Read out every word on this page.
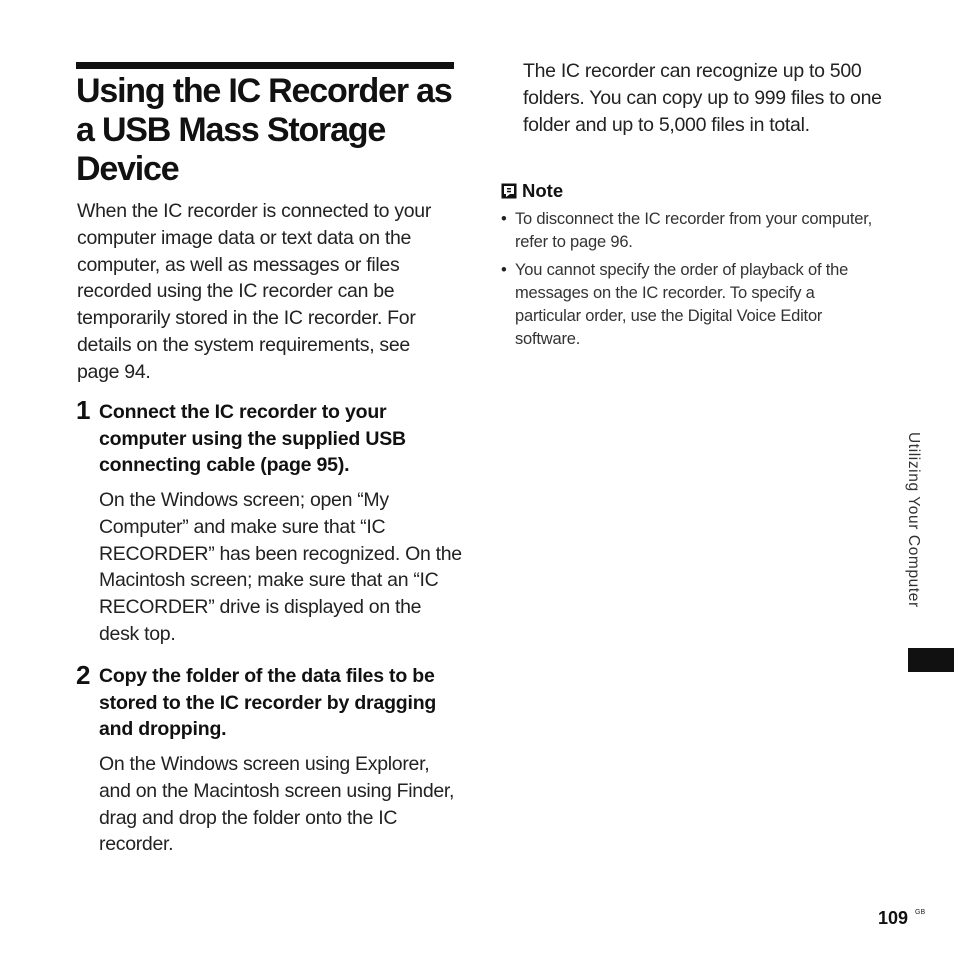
Using the IC Recorder as a USB Mass Storage Device

When the IC recorder is connected to your computer image data or text data on the computer, as well as messages or files recorded using the IC recorder can be temporarily stored in the IC recorder. For details on the system requirements, see page 94.

1 Connect the IC recorder to your computer using the supplied USB connecting cable (page 95).

On the Windows screen; open “My Computer” and make sure that “IC RECORDER” has been recognized. On the Macintosh screen; make sure that an “IC RECORDER” drive is displayed on the desk top.

2 Copy the folder of the data files to be stored to the IC recorder by dragging and dropping.

On the Windows screen using Explorer, and on the Macintosh screen using Finder, drag and drop the folder onto the IC recorder.

The IC recorder can recognize up to 500 folders. You can copy up to 999 files to one folder and up to 5,000 files in total.

Note
• To disconnect the IC recorder from your computer, refer to page 96.
• You cannot specify the order of playback of the messages on the IC recorder. To specify a particular order, use the Digital Voice Editor software.
Utilizing Your Computer
109 GB
